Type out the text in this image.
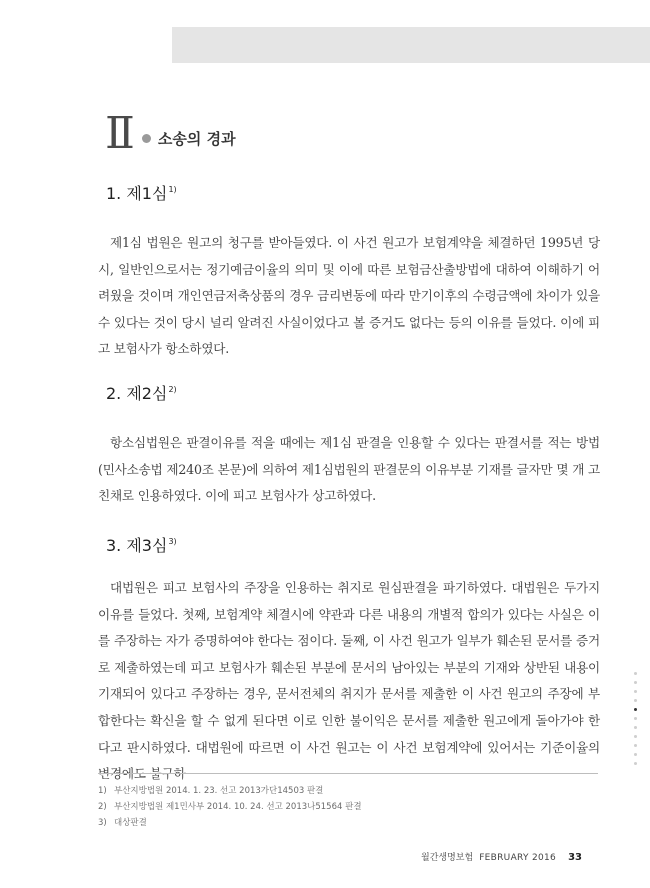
Ⅱ 소송의 경과
1. 제1심$^{1)}$

제1심 법원은 원고의 청구를 받아들였다. 이 사건 원고가 보험계약을 체결하던 1995년 당시, 일반인으로서는 정기예금이율의 의미 및 이에 따른 보험금산출방법에 대하여 이해하기 어려웠을 것이며 개인연금저축상품의 경우 금리변동에 따라 만기이후의 수령금액에 차이가 있을 수 있다는 것이 당시 널리 알려진 사실이었다고 볼 증거도 없다는 등의 이유를 들었다. 이에 피고 보험사가 항소하였다.

2. 제2심$^{2)}$

항소심법원은 판결이유를 적을 때에는 제1심 판결을 인용할 수 있다는 판결서를 적는 방법(민사소송법 제240조 본문)에 의하여 제1심법원의 판결문의 이유부분 기재를 글자만 몇 개 고친채로 인용하였다. 이에 피고 보험사가 상고하였다.

3. 제3심$^{3)}$

대법원은 피고 보험사의 주장을 인용하는 취지로 원심판결을 파기하였다. 대법원은 두가지 이유를 들었다. 첫째, 보험계약 체결시에 약관과 다른 내용의 개별적 합의가 있다는 사실은 이를 주장하는 자가 증명하여야 한다는 점이다. 둘째, 이 사건 원고가 일부가 훼손된 문서를 증거로 제출하였는데 피고 보험사가 훼손된 부분에 문서의 남아있는 부분의 기재와 상반된 내용이 기재되어 있다고 주장하는 경우, 문서전체의 취지가 문서를 제출한 이 사건 원고의 주장에 부합한다는 확신을 할 수 없게 된다면 이로 인한 불이익은 문서를 제출한 원고에게 돌아가야 한다고 판시하였다. 대법원에 따르면 이 사건 원고는 이 사건 보험계약에 있어서는 기준이율의 변경에도 불구하

1) 부산지방법원 2014. 1. 23. 선고 2013가단14503 판결
2) 부산지방법원 제1민사부 2014. 10. 24. 선고 2013나51564 판결
3) 대상판결
월간생명보험 FEBRUARY 2016 33
